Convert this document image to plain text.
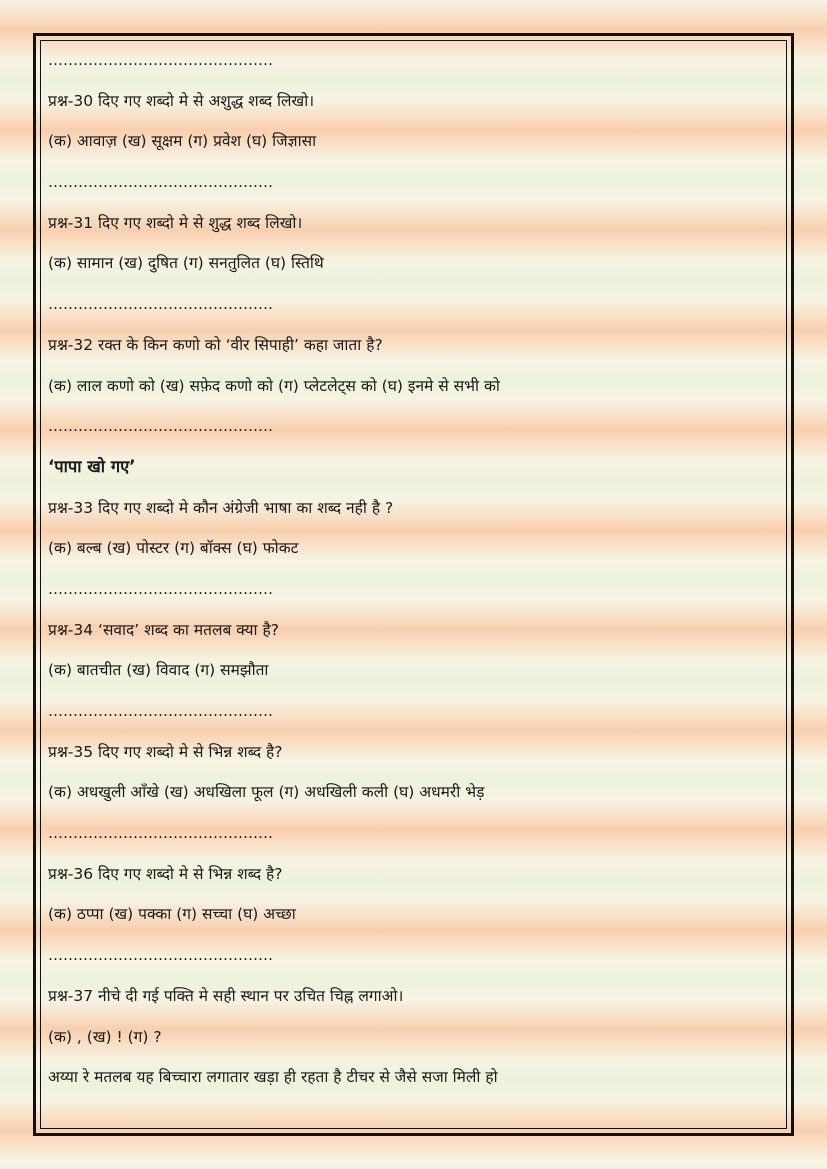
………………………………………
प्रश्न-30 दिए गए शब्दो मे से अशुद्ध शब्द लिखो।
(क) आवाज़ (ख) सूक्षम (ग) प्रवेश (घ) जिज्ञासा
………………………………………
प्रश्न-31 दिए गए शब्दो मे से शुद्ध शब्द लिखो।
(क) सामान (ख) दुषित (ग) सनतुलित (घ) स्तिथि
………………………………………
प्रश्न-32 रक्त के किन कणो को ‘वीर सिपाही’ कहा जाता है?
(क) लाल कणो को (ख) सफ़ेद कणो को (ग) प्लेटलेट्स को (घ) इनमे से सभी को
………………………………………
‘पापा खो गए’
प्रश्न-33 दिए गए शब्दो मे कौन अंग्रेजी भाषा का शब्द नही है ?
(क) बल्ब (ख) पोस्टर (ग) बॉक्स (घ) फोकट
………………………………………
प्रश्न-34 ‘सवाद’ शब्द का मतलब क्या है?
(क) बातचीत (ख) विवाद (ग) समझौता
………………………………………
प्रश्न-35 दिए गए शब्दो मे से भिन्न शब्द है?
(क) अधखुली आँखे (ख) अधखिला फूल (ग) अधखिली कली (घ) अधमरी भेड़
………………………………………
प्रश्न-36 दिए गए शब्दो मे से भिन्न शब्द है?
(क) ठप्पा (ख) पक्का (ग) सच्चा (घ) अच्छा
………………………………………
प्रश्न-37 नीचे दी गई पक्ति मे सही स्थान पर उचित चिह्न लगाओ।
(क) , (ख) ! (ग) ?
अय्या रे मतलब यह बिच्चारा लगातार खड़ा ही रहता है टीचर से जैसे सजा मिली हो
